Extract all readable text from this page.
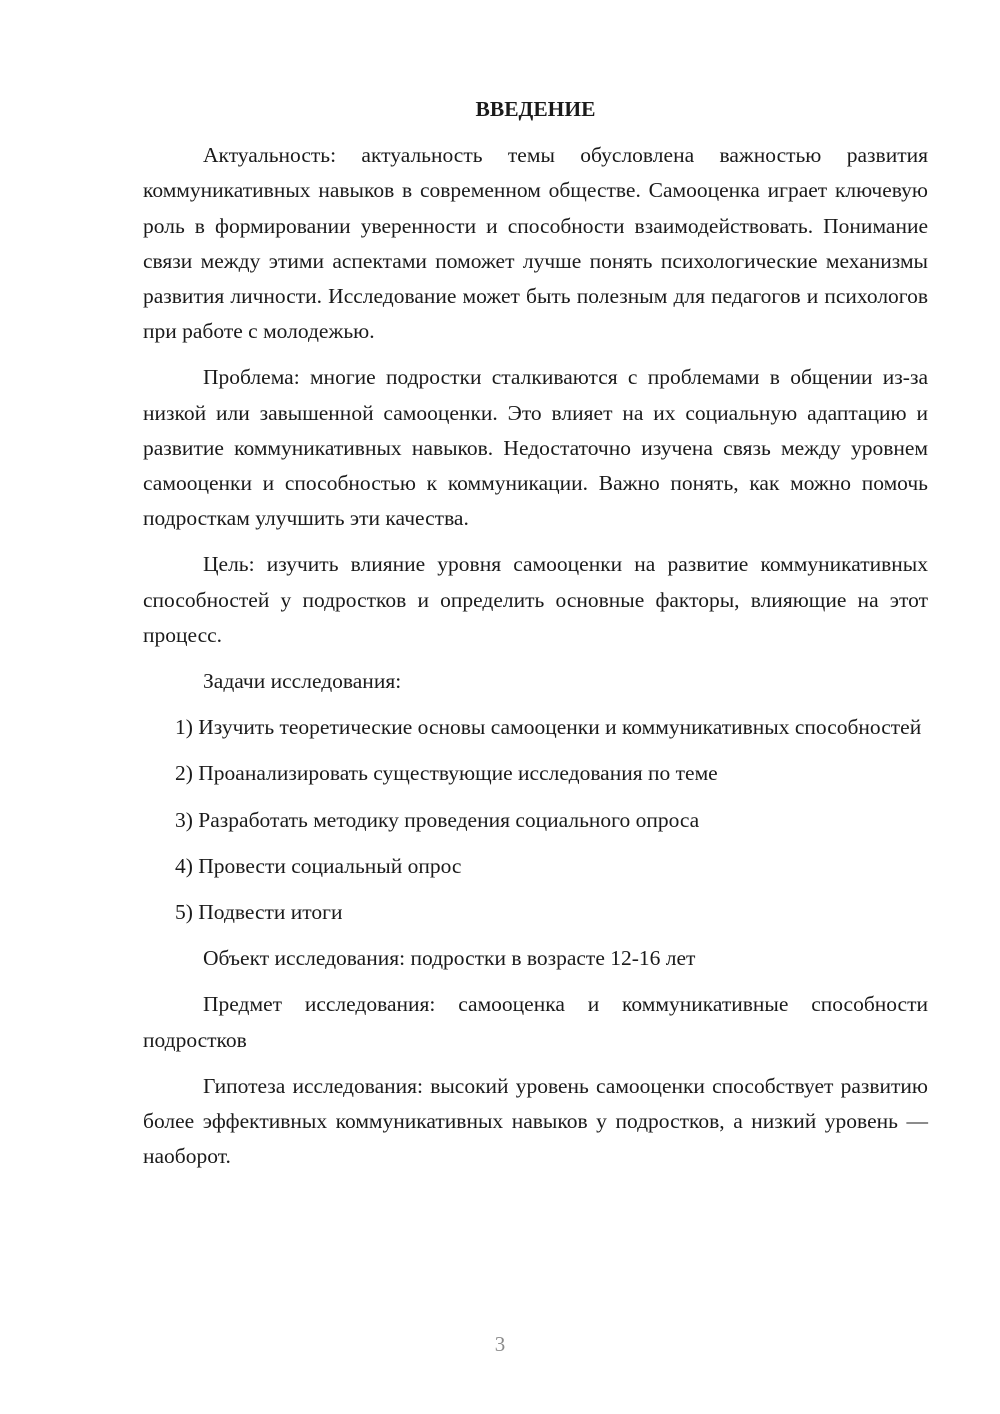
ВВЕДЕНИЕ

Актуальность: актуальность темы обусловлена важностью развития коммуникативных навыков в современном обществе. Самооценка играет ключевую роль в формировании уверенности и способности взаимодействовать. Понимание связи между этими аспектами поможет лучше понять психологические механизмы развития личности. Исследование может быть полезным для педагогов и психологов при работе с молодежью.

Проблема: многие подростки сталкиваются с проблемами в общении из-за низкой или завышенной самооценки. Это влияет на их социальную адаптацию и развитие коммуникативных навыков. Недостаточно изучена связь между уровнем самооценки и способностью к коммуникации. Важно понять, как можно помочь подросткам улучшить эти качества.

Цель: изучить влияние уровня самооценки на развитие коммуникативных способностей у подростков и определить основные факторы, влияющие на этот процесс.

Задачи исследования:

1) Изучить теоретические основы самооценки и коммуникативных способностей

2) Проанализировать существующие исследования по теме

3) Разработать методику проведения социального опроса

4) Провести социальный опрос

5) Подвести итоги

Объект исследования: подростки в возрасте 12-16 лет

Предмет исследования: самооценка и коммуникативные способности подростков

Гипотеза исследования: высокий уровень самооценки способствует развитию более эффективных коммуникативных навыков у подростков, а низкий уровень — наоборот.

3
